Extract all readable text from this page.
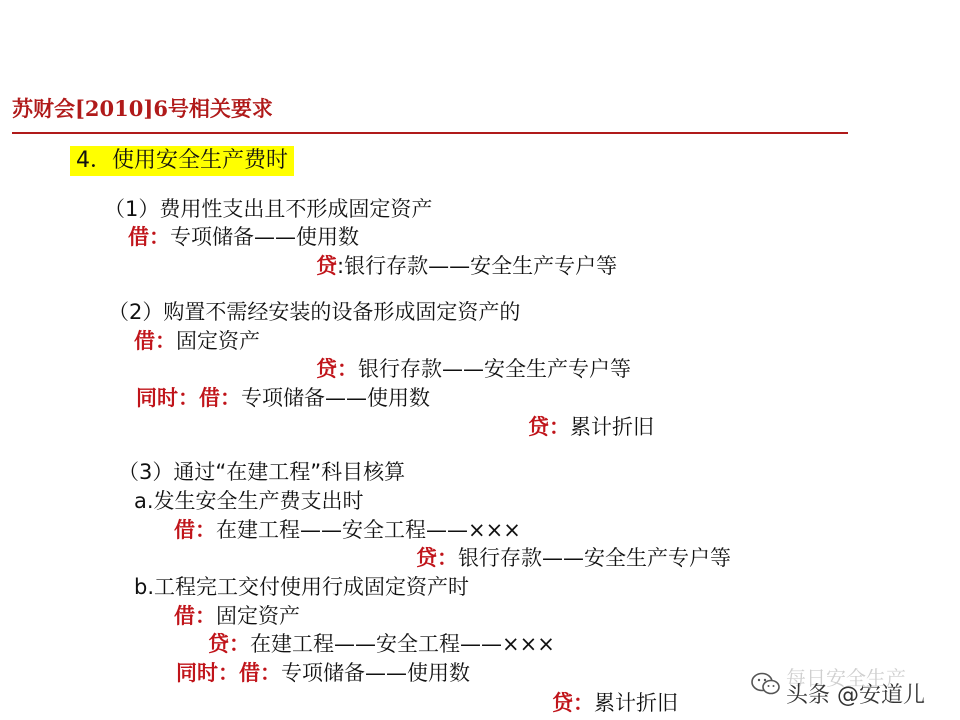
苏财会[2010]6号相关要求
4．使用安全生产费时
（1）费用性支出且不形成固定资产
借：专项储备——使用数
贷:银行存款——安全生产专户等
（2）购置不需经安装的设备形成固定资产的
借：固定资产
贷：银行存款——安全生产专户等
同时：借：专项储备——使用数
贷：累计折旧
（3）通过“在建工程”科目核算
a.发生安全生产费支出时
借：在建工程——安全工程——×××
贷：银行存款——安全生产专户等
b.工程完工交付使用行成固定资产时
借：固定资产
贷：在建工程——安全工程——×××
同时：借：专项储备——使用数
贷：累计折旧
每日安全生产
头条 @安道儿
